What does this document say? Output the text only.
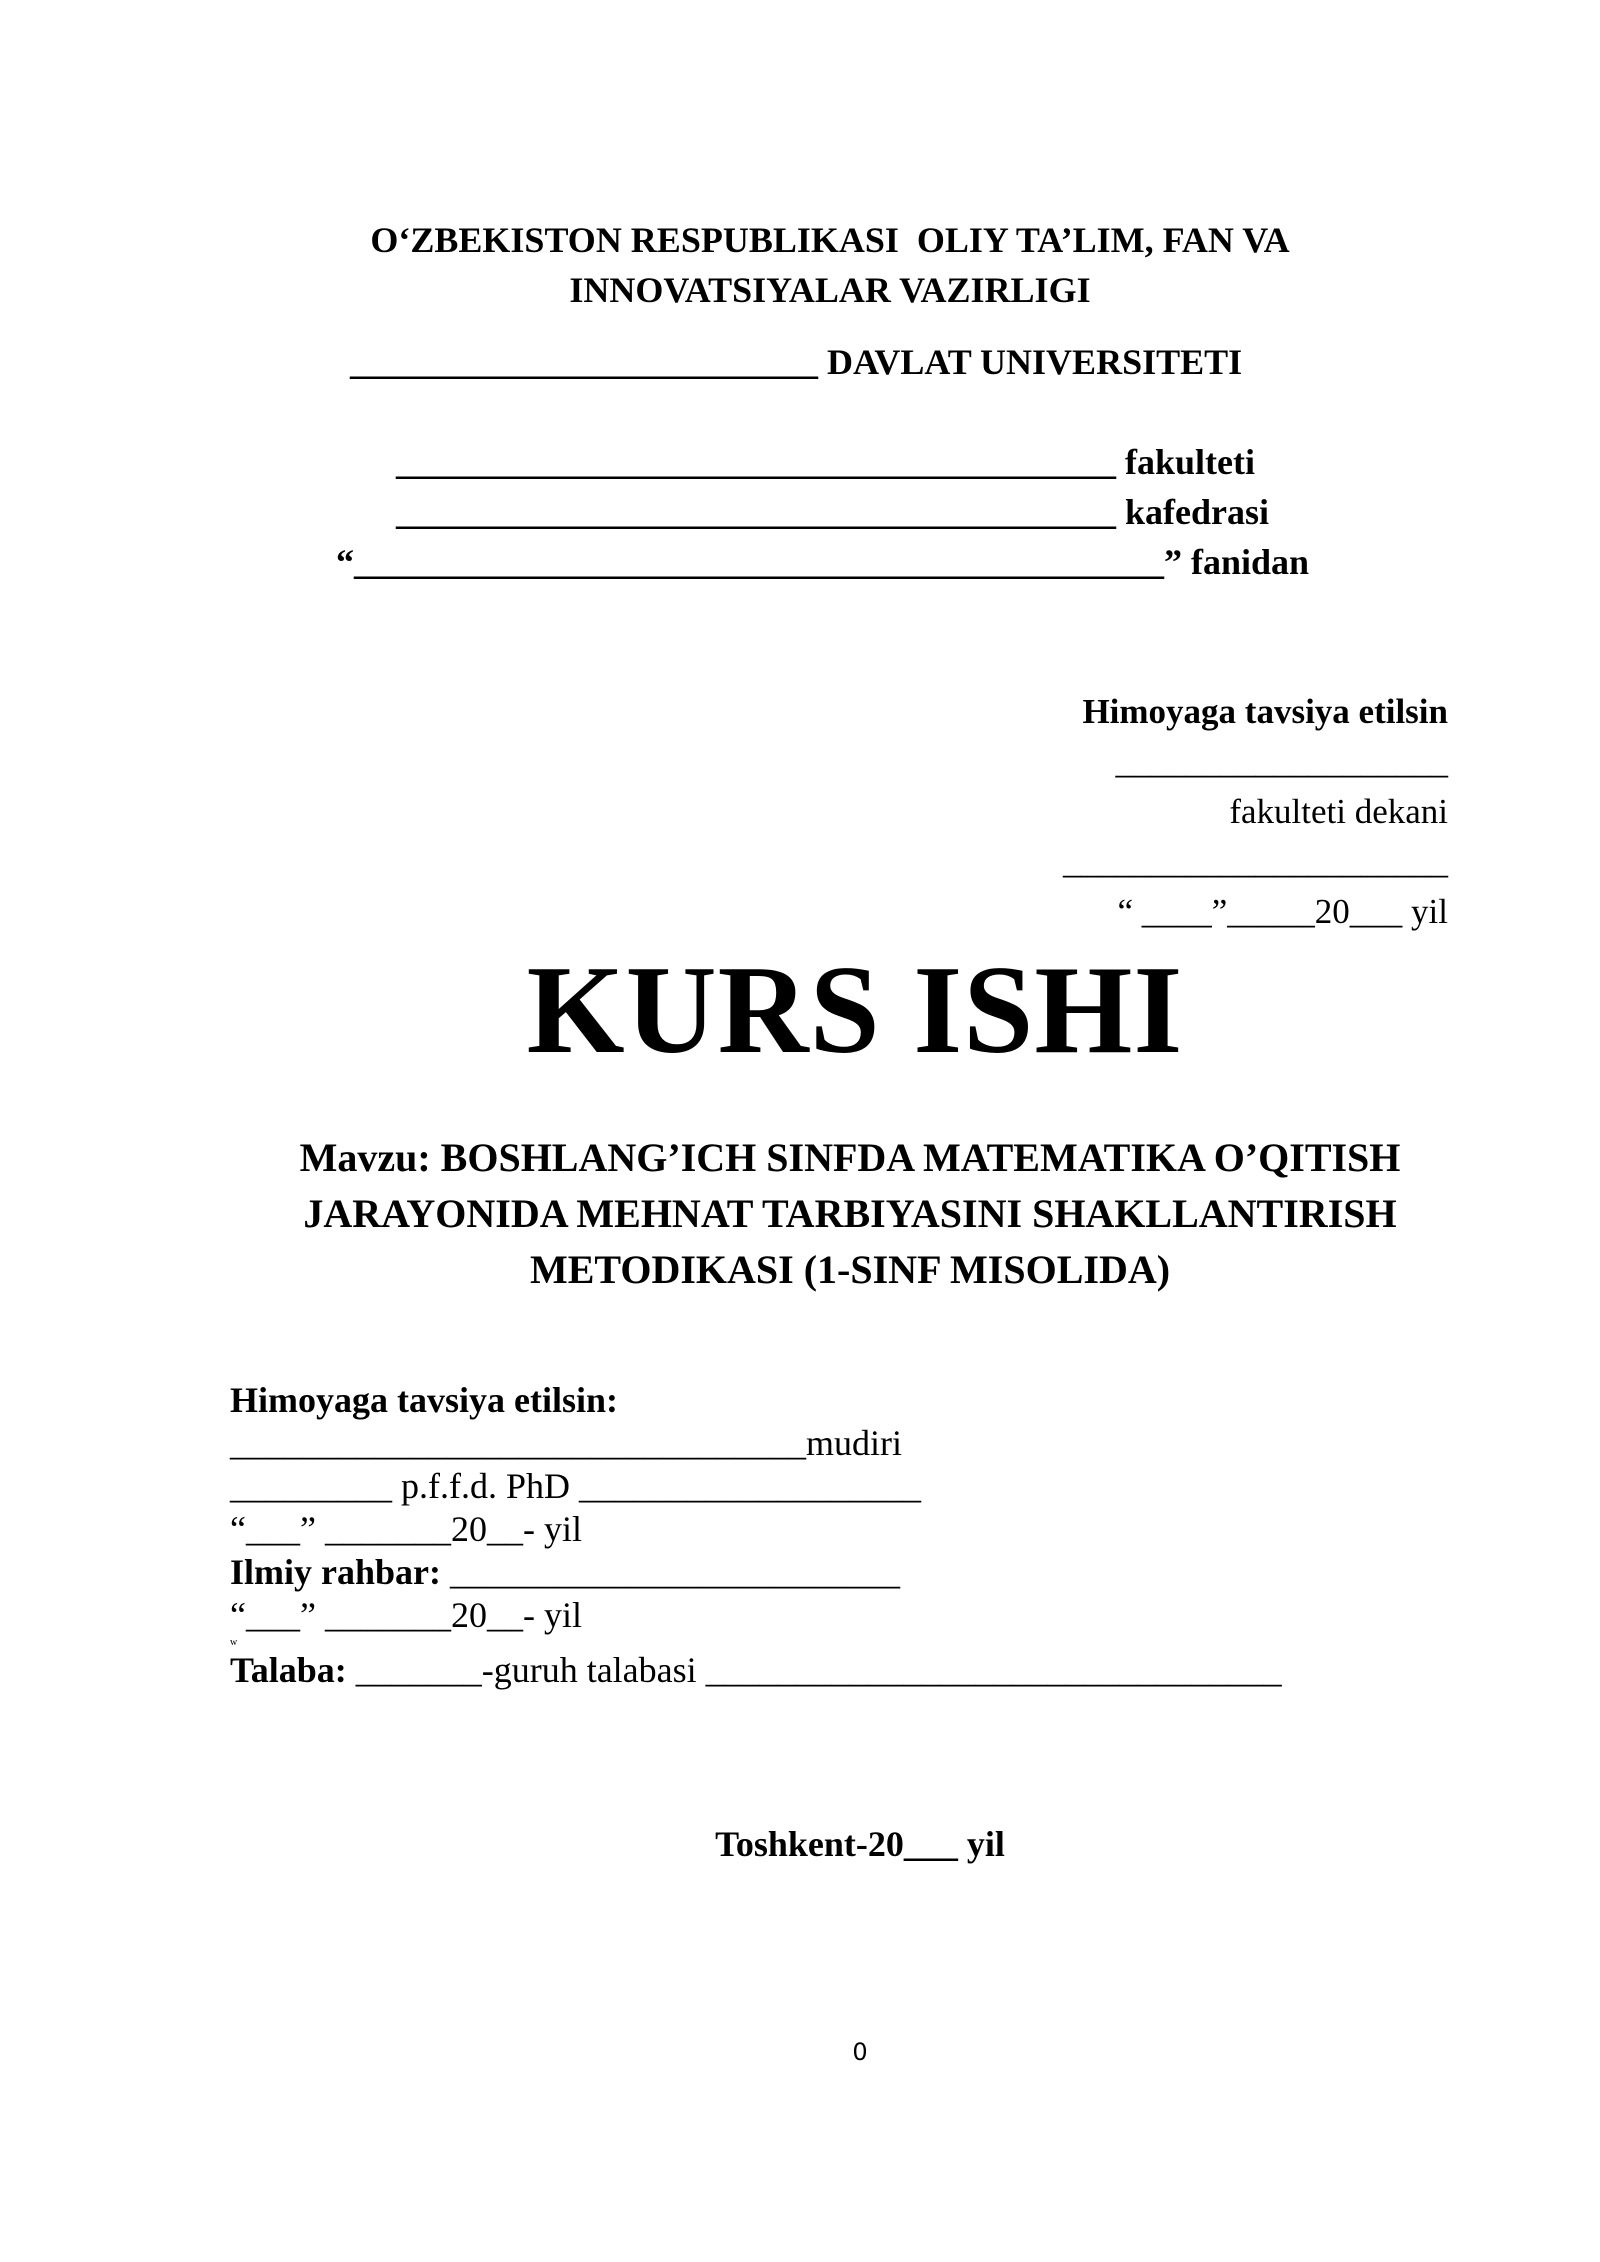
O‘ZBEKISTON RESPUBLIKASI  OLIY TA’LIM, FAN VA
INNOVATSIYALAR VAZIRLIGI
__________________________ DAVLAT UNIVERSITETI
________________________________________ fakulteti
________________________________________ kafedrasi
“_____________________________________________” fanidan
Himoyaga tavsiya etilsin
___________________
fakulteti dekani
______________________
“ ____”_____20___ yil
KURS ISHI
Mavzu: BOSHLANG’ICH SINFDA MATEMATIKA O’QITISH
JARAYONIDA MEHNAT TARBIYASINI SHAKLLANTIRISH
METODIKASI (1-SINF MISOLIDA)
Himoyaga tavsiya etilsin:
________________________________mudiri
_________ p.f.f.d. PhD ___________________
“___” _______20__- yil
Ilmiy rahbar: _________________________
“___” _______20__- yil
w
Talaba: _______-guruh talabasi ________________________________
Toshkent-20___ yil
0
